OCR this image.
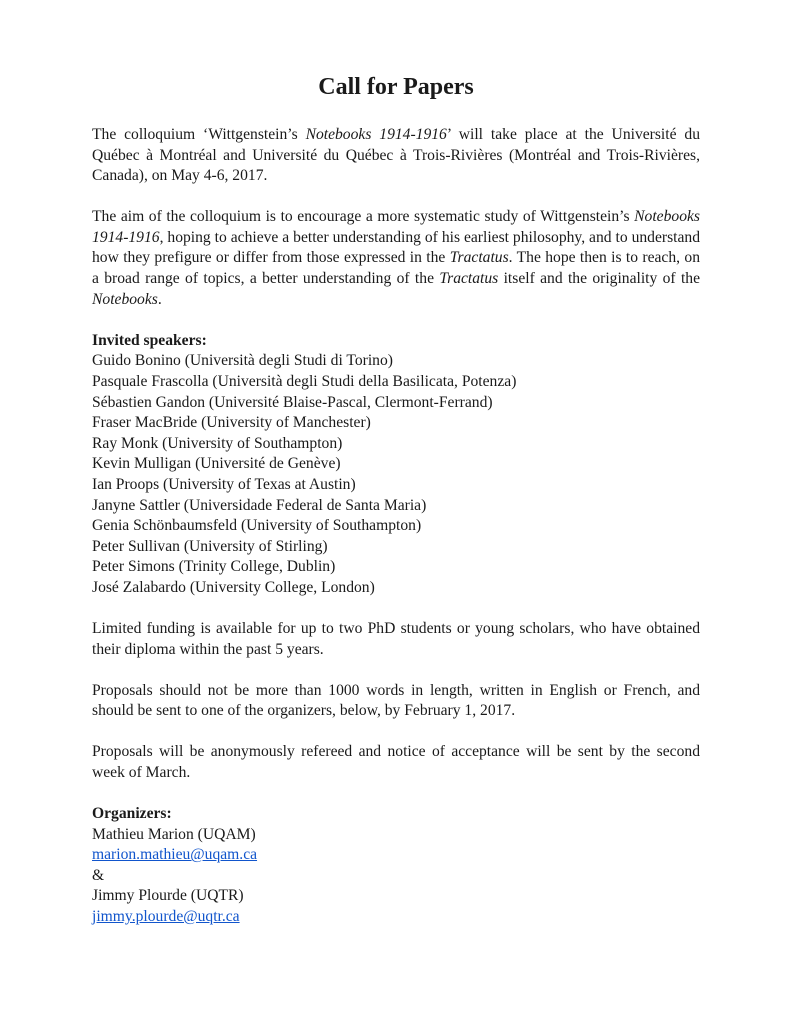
Call for Papers

The colloquium ‘Wittgenstein’s Notebooks 1914-1916’ will take place at the Université du Québec à Montréal and Université du Québec à Trois-Rivières (Montréal and Trois-Rivières, Canada), on May 4-6, 2017.

The aim of the colloquium is to encourage a more systematic study of Wittgenstein’s Notebooks 1914-1916, hoping to achieve a better understanding of his earliest philosophy, and to understand how they prefigure or differ from those expressed in the Tractatus. The hope then is to reach, on a broad range of topics, a better understanding of the Tractatus itself and the originality of the Notebooks.

Invited speakers:
Guido Bonino (Università degli Studi di Torino)
Pasquale Frascolla (Università degli Studi della Basilicata, Potenza)
Sébastien Gandon (Université Blaise-Pascal, Clermont-Ferrand)
Fraser MacBride (University of Manchester)
Ray Monk (University of Southampton)
Kevin Mulligan (Université de Genève)
Ian Proops (University of Texas at Austin)
Janyne Sattler (Universidade Federal de Santa Maria)
Genia Schönbaumsfeld (University of Southampton)
Peter Sullivan (University of Stirling)
Peter Simons (Trinity College, Dublin)
José Zalabardo (University College, London)

Limited funding is available for up to two PhD students or young scholars, who have obtained their diploma within the past 5 years.

Proposals should not be more than 1000 words in length, written in English or French, and should be sent to one of the organizers, below, by February 1, 2017.

Proposals will be anonymously refereed and notice of acceptance will be sent by the second week of March.

Organizers:
Mathieu Marion (UQAM)
marion.mathieu@uqam.ca
&
Jimmy Plourde (UQTR)
jimmy.plourde@uqtr.ca
